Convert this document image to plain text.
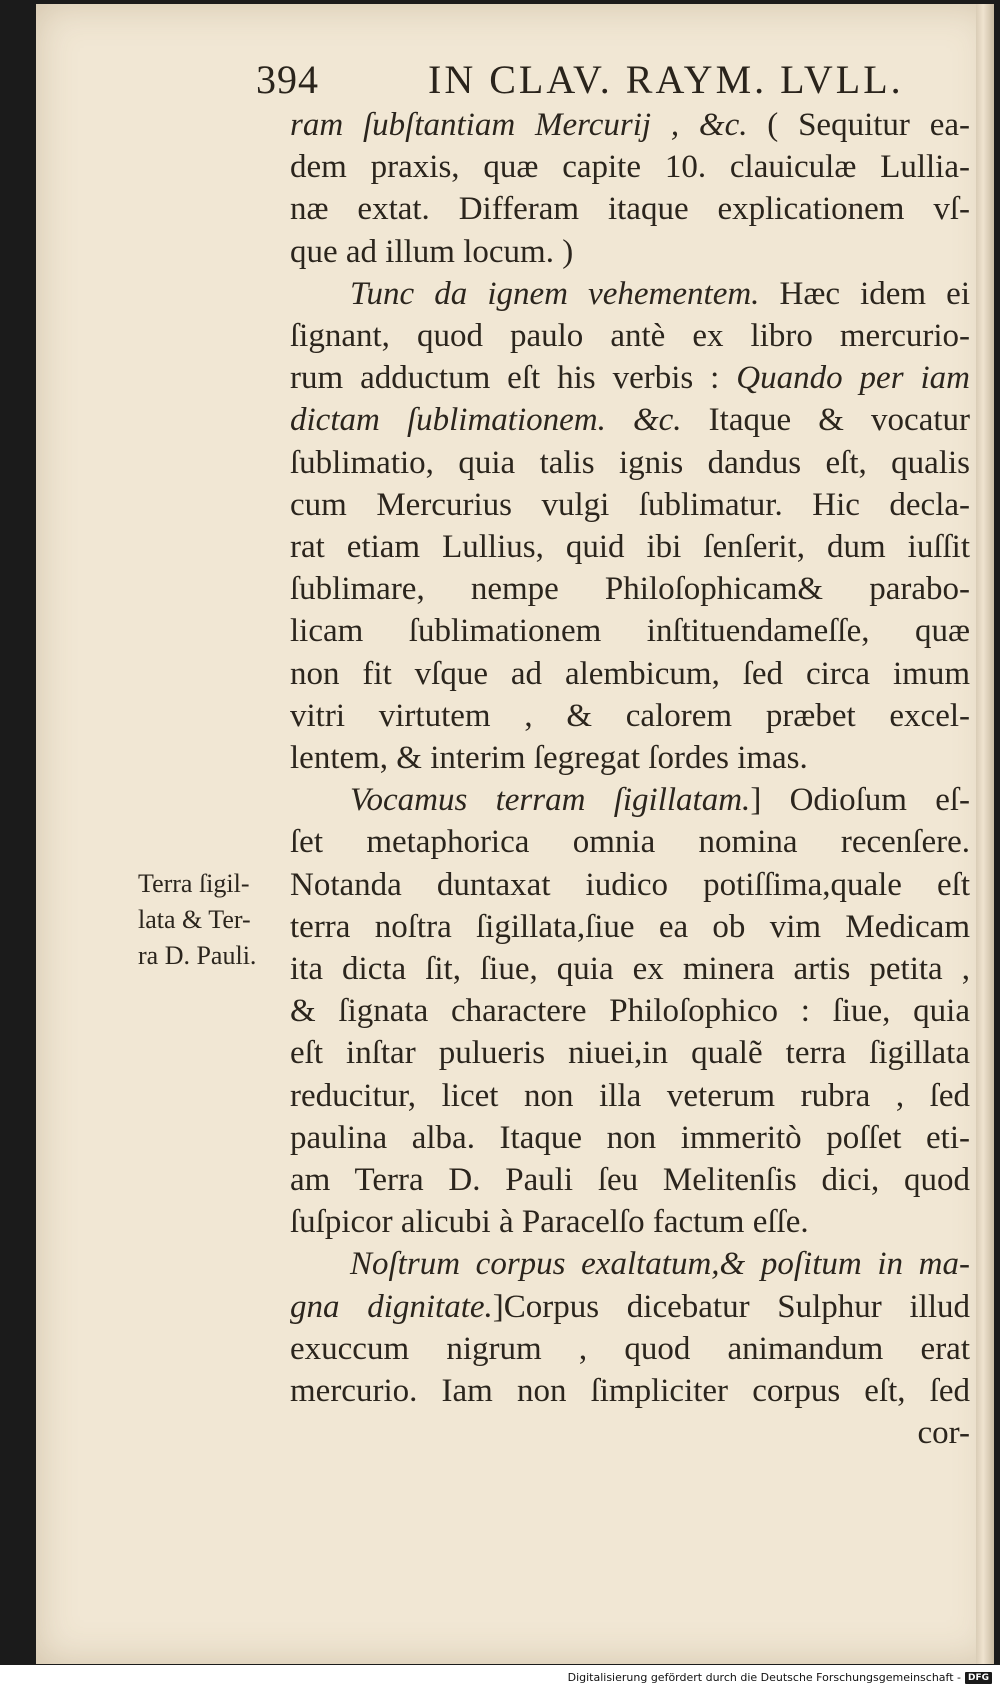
394	IN CLAV. RAYM. LVLL.
ram ſubſtantiam Mercurij , &c. ( Sequitur ea-
dem praxis, quæ capite 10. clauiculæ Lullia-
næ extat. Differam itaque explicationem vſ-
que ad illum locum. )
Tunc da ignem vehementem. Hæc idem ei
ſignant, quod paulo antè ex libro mercurio-
rum adductum eſt his verbis : Quando per iam
dictam ſublimationem. &c. Itaque & vocatur
ſublimatio, quia talis ignis dandus eſt, qualis
cum Mercurius vulgi ſublimatur. Hic decla-
rat etiam Lullius, quid ibi ſenſerit, dum iuſſit
ſublimare, nempe Philoſophicam& parabo-
licam ſublimationem inſtituendameſſe, quæ
non fit vſque ad alembicum, ſed circa imum
vitri virtutem , & calorem præbet excel-
lentem, & interim ſegregat ſordes imas.
Vocamus terram ſigillatam.] Odioſum eſ-
ſet metaphorica omnia nomina recenſere.
Notanda duntaxat iudico potiſſima,quale eſt
terra noſtra ſigillata,ſiue ea ob vim Medicam
ita dicta ſit, ſiue, quia ex minera artis petita ,
& ſignata charactere Philoſophico : ſiue, quia
eſt inſtar pulueris niuei,in qualẽ terra ſigillata
reducitur, licet non illa veterum rubra , ſed
paulina alba. Itaque non immeritò poſſet eti-
am Terra D. Pauli ſeu Melitenſis dici, quod
ſuſpicor alicubi à Paracelſo factum eſſe.
Noſtrum corpus exaltatum,& poſitum in ma-
gna dignitate.]Corpus dicebatur Sulphur illud
exuccum nigrum , quod animandum erat
mercurio. Iam non ſimpliciter corpus eſt, ſed
cor-
Terra ſigil-
lata & Ter-
ra D. Pauli.
Digitalisierung gefördert durch die Deutsche Forschungsgemeinschaft - DFG
